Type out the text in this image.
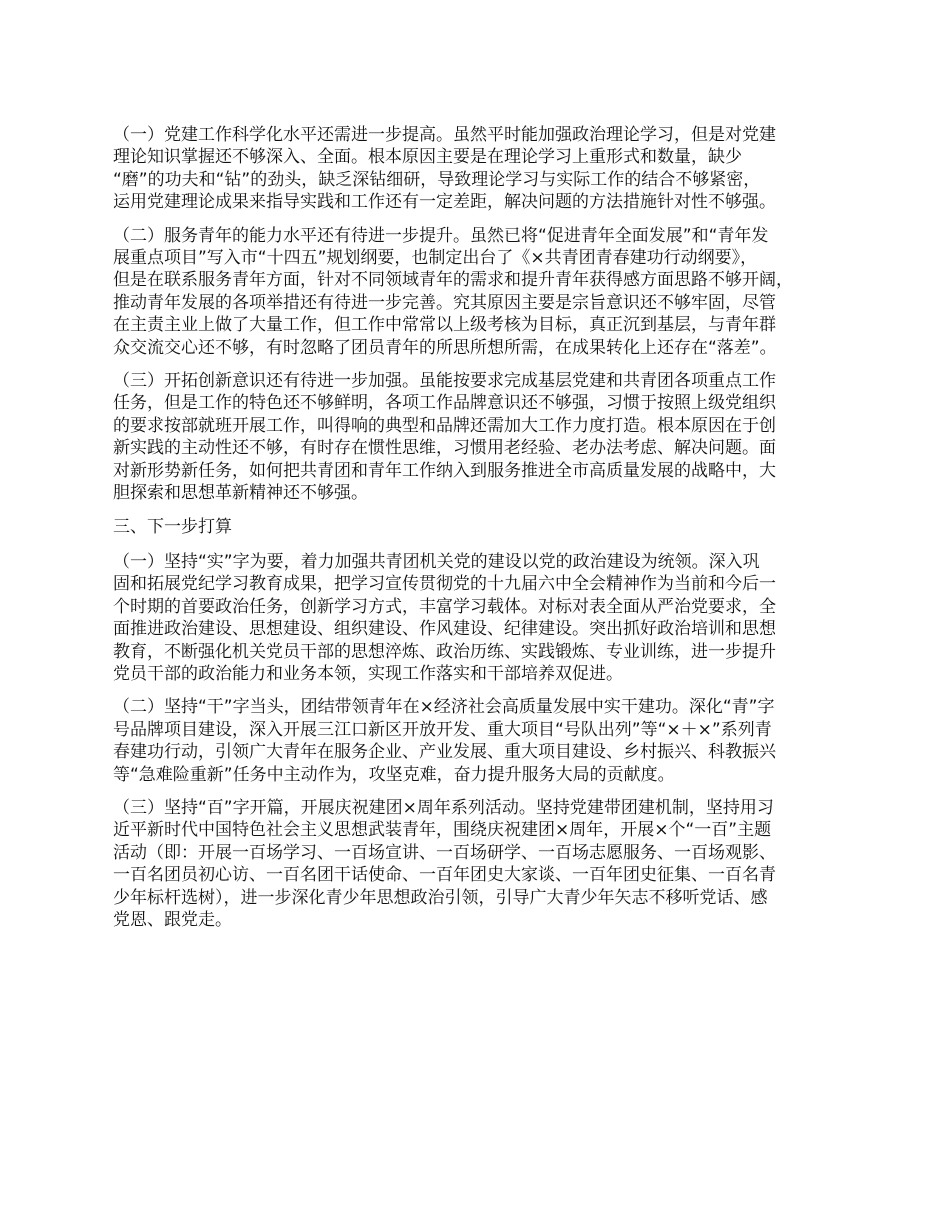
（一）党建工作科学化水平还需进一步提高。虽然平时能加强政治理论学习，但是对党建
理论知识掌握还不够深入、全面。根本原因主要是在理论学习上重形式和数量，缺少
“磨”的功夫和“钻”的劲头，缺乏深钻细研，导致理论学习与实际工作的结合不够紧密，
运用党建理论成果来指导实践和工作还有一定差距，解决问题的方法措施针对性不够强。
（二）服务青年的能力水平还有待进一步提升。虽然已将“促进青年全面发展”和“青年发
展重点项目”写入市“十四五”规划纲要，也制定出台了《×共青团青春建功行动纲要》，
但是在联系服务青年方面，针对不同领域青年的需求和提升青年获得感方面思路不够开阔，
推动青年发展的各项举措还有待进一步完善。究其原因主要是宗旨意识还不够牢固，尽管
在主责主业上做了大量工作，但工作中常常以上级考核为目标，真正沉到基层，与青年群
众交流交心还不够，有时忽略了团员青年的所思所想所需，在成果转化上还存在“落差”。
（三）开拓创新意识还有待进一步加强。虽能按要求完成基层党建和共青团各项重点工作
任务，但是工作的特色还不够鲜明，各项工作品牌意识还不够强，习惯于按照上级党组织
的要求按部就班开展工作，叫得响的典型和品牌还需加大工作力度打造。根本原因在于创
新实践的主动性还不够，有时存在惯性思维，习惯用老经验、老办法考虑、解决问题。面
对新形势新任务，如何把共青团和青年工作纳入到服务推进全市高质量发展的战略中，大
胆探索和思想革新精神还不够强。
三、下一步打算
（一）坚持“实”字为要，着力加强共青团机关党的建设以党的政治建设为统领。深入巩
固和拓展党纪学习教育成果，把学习宣传贯彻党的十九届六中全会精神作为当前和今后一
个时期的首要政治任务，创新学习方式，丰富学习载体。对标对表全面从严治党要求，全
面推进政治建设、思想建设、组织建设、作风建设、纪律建设。突出抓好政治培训和思想
教育，不断强化机关党员干部的思想淬炼、政治历练、实践锻炼、专业训练，进一步提升
党员干部的政治能力和业务本领，实现工作落实和干部培养双促进。
（二）坚持“干”字当头，团结带领青年在×经济社会高质量发展中实干建功。深化“青”字
号品牌项目建设，深入开展三江口新区开放开发、重大项目“号队出列”等“×＋×”系列青
春建功行动，引领广大青年在服务企业、产业发展、重大项目建设、乡村振兴、科教振兴
等“急难险重新”任务中主动作为，攻坚克难，奋力提升服务大局的贡献度。
（三）坚持“百”字开篇，开展庆祝建团×周年系列活动。坚持党建带团建机制，坚持用习
近平新时代中国特色社会主义思想武装青年，围绕庆祝建团×周年，开展×个“一百”主题
活动（即：开展一百场学习、一百场宣讲、一百场研学、一百场志愿服务、一百场观影、
一百名团员初心访、一百名团干话使命、一百年团史大家谈、一百年团史征集、一百名青
少年标杆选树），进一步深化青少年思想政治引领，引导广大青少年矢志不移听党话、感
党恩、跟党走。
